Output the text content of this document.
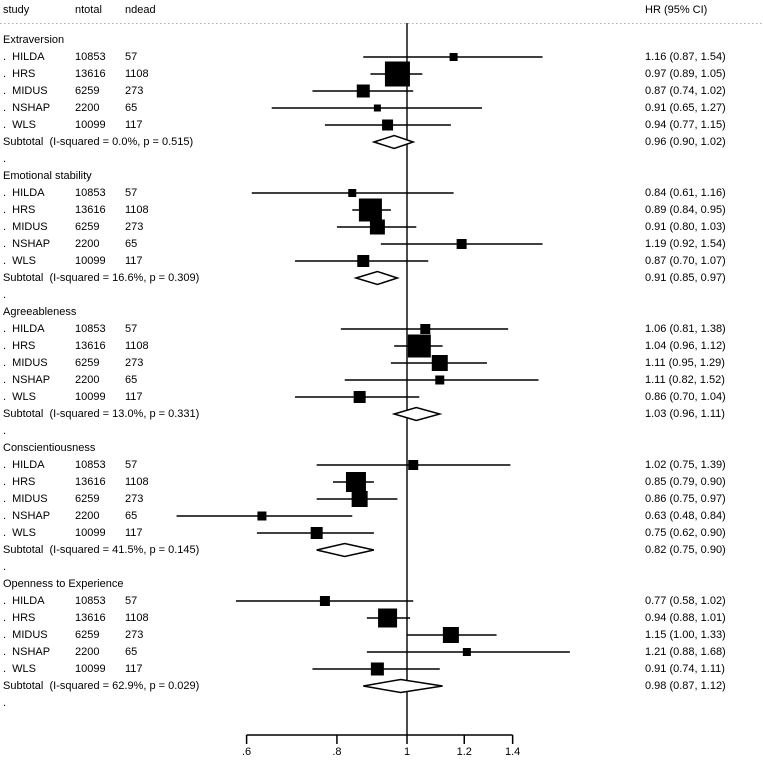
study	ntotal ndead	HR (95% CI)
Extraversion
.  HILDA	10853 57	1.16 (0.87, 1.54)
.  HRS	13616 1108	0.97 (0.89, 1.05)
.  MIDUS 6259 273	0.87 (0.74, 1.02)
.  NSHAP 2200 65	0.91 (0.65, 1.27)
.  WLS	10099 117	0.94 (0.77, 1.15)
Subtotal  (I-squared = 0.0%, p = 0.515)	0.96 (0.90, 1.02)
.
Emotional stability
.  HILDA	10853 57	0.84 (0.61, 1.16)
.  HRS	13616 1108	0.89 (0.84, 0.95)
.  MIDUS 6259 273	0.91 (0.80, 1.03)
.  NSHAP 2200 65	1.19 (0.92, 1.54)
.  WLS	10099 117	0.87 (0.70, 1.07)
Subtotal  (I-squared = 16.6%, p = 0.309)	0.91 (0.85, 0.97)
.
Agreeableness
.  HILDA	10853 57	1.06 (0.81, 1.38)
.  HRS	13616 1108	1.04 (0.96, 1.12)
.  MIDUS 6259 273	1.11 (0.95, 1.29)
.  NSHAP 2200 65	1.11 (0.82, 1.52)
.  WLS	10099 117	0.86 (0.70, 1.04)
Subtotal  (I-squared = 13.0%, p = 0.331)	1.03 (0.96, 1.11)
.
Conscientiousness
.  HILDA	10853 57	1.02 (0.75, 1.39)
.  HRS	13616 1108	0.85 (0.79, 0.90)
.  MIDUS 6259 273	0.86 (0.75, 0.97)
.  NSHAP 2200 65	0.63 (0.48, 0.84)
.  WLS	10099 117	0.75 (0.62, 0.90)
Subtotal  (I-squared = 41.5%, p = 0.145)	0.82 (0.75, 0.90)
.
Openness to Experience
.  HILDA	10853 57	0.77 (0.58, 1.02)
.  HRS	13616 1108	0.94 (0.88, 1.01)
.  MIDUS 6259 273	1.15 (1.00, 1.33)
.  NSHAP 2200 65	1.21 (0.88, 1.68)
.  WLS	10099 117	0.91 (0.74, 1.11)
Subtotal  (I-squared = 62.9%, p = 0.029)	0.98 (0.87, 1.12)
.
.6	.8	1	1.2	1.4
